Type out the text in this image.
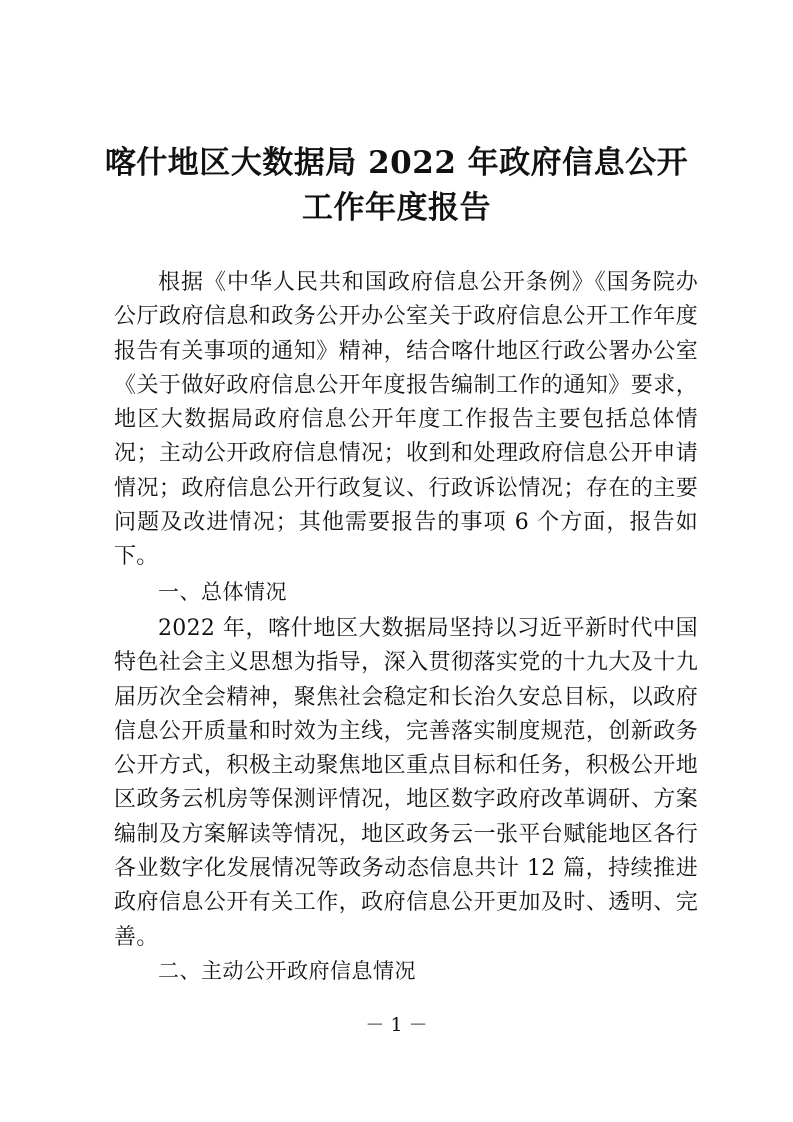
喀什地区大数据局 2022 年政府信息公开
工作年度报告
根据《中华人民共和国政府信息公开条例》《国务院办公厅政府信息和政务公开办公室关于政府信息公开工作年度报告有关事项的通知》精神，结合喀什地区行政公署办公室《关于做好政府信息公开年度报告编制工作的通知》要求，地区大数据局政府信息公开年度工作报告主要包括总体情况；主动公开政府信息情况；收到和处理政府信息公开申请情况；政府信息公开行政复议、行政诉讼情况；存在的主要问题及改进情况；其他需要报告的事项 6 个方面，报告如下。
一、总体情况
2022 年，喀什地区大数据局坚持以习近平新时代中国特色社会主义思想为指导，深入贯彻落实党的十九大及十九届历次全会精神，聚焦社会稳定和长治久安总目标，以政府信息公开质量和时效为主线，完善落实制度规范，创新政务公开方式，积极主动聚焦地区重点目标和任务，积极公开地区政务云机房等保测评情况，地区数字政府改革调研、方案编制及方案解读等情况，地区政务云一张平台赋能地区各行各业数字化发展情况等政务动态信息共计 12 篇，持续推进政府信息公开有关工作，政府信息公开更加及时、透明、完善。
二、主动公开政府信息情况
－ 1 －
